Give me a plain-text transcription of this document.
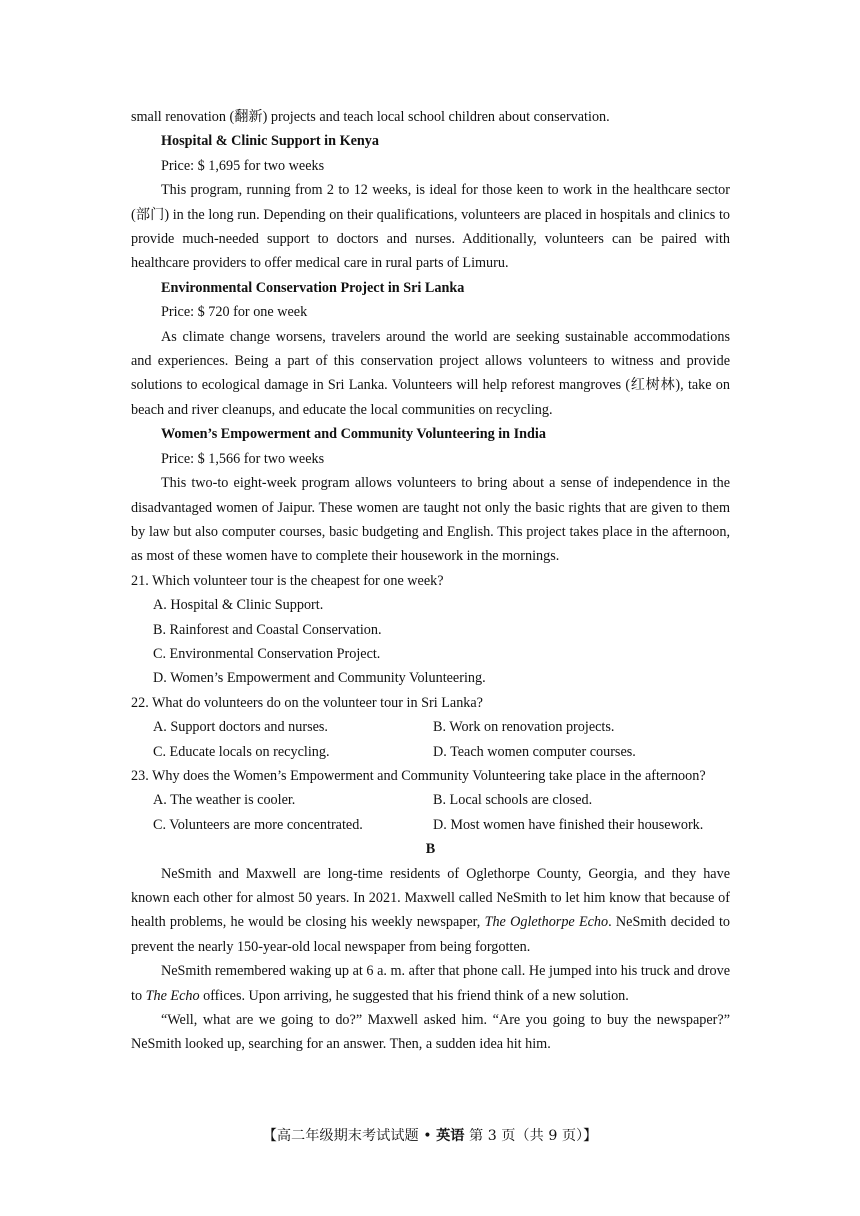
small renovation (翻新) projects and teach local school children about conservation.

Hospital & Clinic Support in Kenya

Price: $ 1,695 for two weeks

This program, running from 2 to 12 weeks, is ideal for those keen to work in the healthcare sector (部门) in the long run. Depending on their qualifications, volunteers are placed in hospitals and clinics to provide much-needed support to doctors and nurses. Additionally, volunteers can be paired with healthcare providers to offer medical care in rural parts of Limuru.

Environmental Conservation Project in Sri Lanka

Price: $ 720 for one week

As climate change worsens, travelers around the world are seeking sustainable accommodations and experiences. Being a part of this conservation project allows volunteers to witness and provide solutions to ecological damage in Sri Lanka. Volunteers will help reforest mangroves (红树林), take on beach and river cleanups, and educate the local communities on recycling.

Women’s Empowerment and Community Volunteering in India

Price: $ 1,566 for two weeks

This two-to eight-week program allows volunteers to bring about a sense of independence in the disadvantaged women of Jaipur. These women are taught not only the basic rights that are given to them by law but also computer courses, basic budgeting and English. This project takes place in the afternoon, as most of these women have to complete their housework in the mornings.

21. Which volunteer tour is the cheapest for one week?

A. Hospital & Clinic Support.

B. Rainforest and Coastal Conservation.

C. Environmental Conservation Project.

D. Women’s Empowerment and Community Volunteering.

22. What do volunteers do on the volunteer tour in Sri Lanka?

A. Support doctors and nurses.	B. Work on renovation projects.
C. Educate locals on recycling.	D. Teach women computer courses.

23. Why does the Women’s Empowerment and Community Volunteering take place in the afternoon?

A. The weather is cooler.	B. Local schools are closed.
C. Volunteers are more concentrated.	D. Most women have finished their housework.

B

NeSmith and Maxwell are long-time residents of Oglethorpe County, Georgia, and they have known each other for almost 50 years. In 2021. Maxwell called NeSmith to let him know that because of health problems, he would be closing his weekly newspaper, The Oglethorpe Echo. NeSmith decided to prevent the nearly 150-year-old local newspaper from being forgotten.

NeSmith remembered waking up at 6 a. m. after that phone call. He jumped into his truck and drove to The Echo offices. Upon arriving, he suggested that his friend think of a new solution.

“Well, what are we going to do?” Maxwell asked him. “Are you going to buy the newspaper?” NeSmith looked up, searching for an answer. Then, a sudden idea hit him.

【高二年级期末考试试题 • 英语 第 3 页（共 9 页）】
